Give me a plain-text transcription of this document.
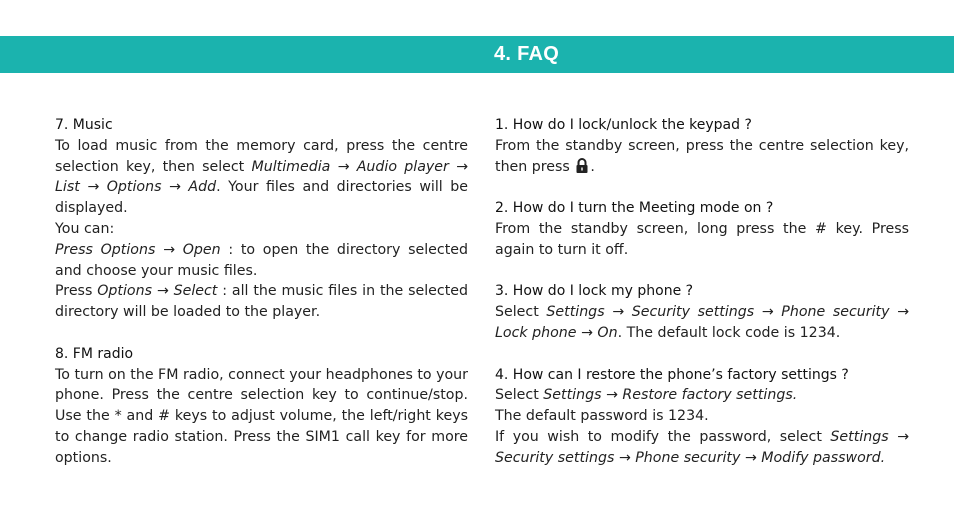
4. FAQ

7. Music

To load music from the memory card, press the centre selection key, then select Multimedia → Audio player → List → Options → Add. Your files and directories will be displayed.

You can:

Press Options → Open : to open the directory selected and choose your music files.

Press Options → Select : all the music files in the selected directory will be loaded to the player.

8. FM radio

To turn on the FM radio, connect your headphones to your phone. Press the centre selection key to continue/stop. Use the * and # keys to adjust volume, the left/right keys to change radio station. Press the SIM1 call key for more options.

1. How do I lock/unlock the keypad ?

From the standby screen, press the centre selection key, then press .

2. How do I turn the Meeting mode on ?

From the standby screen, long press the # key. Press again to turn it off.

3. How do I lock my phone ?

Select Settings → Security settings → Phone security → Lock phone → On. The default lock code is 1234.

4. How can I restore the phone’s factory settings ?

Select Settings → Restore factory settings.

The default password is 1234.

If you wish to modify the password, select Settings → Security settings → Phone security → Modify password.
